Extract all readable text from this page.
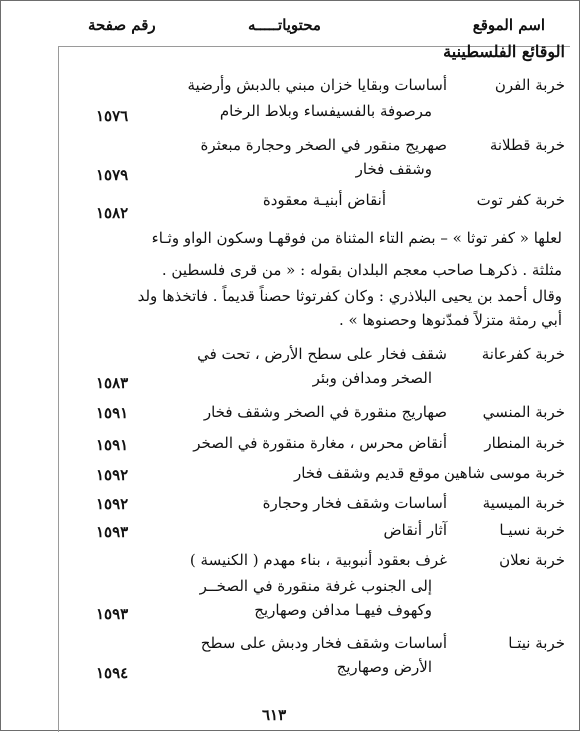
اسم الموقع
محتوياتـــــه
رقم صفحة
الوقائع الفلسطينية
خربة الفرن
أساسات وبقايا خزان مبني بالدبش وأرضية
مرصوفة بالفسيفساء وبلاط الرخام
١٥٧٦
خربة قطلانة
صهريج منقور في الصخر وحجارة مبعثرة
وشقف فخار
١٥٧٩
خربة كفر توت
أنقاض أبنيـة معقودة
١٥٨٢
لعلها « كفر توثا » – بضم التاء المثناة من فوقهـا وسكون الواو وثـاء
مثلثة . ذكرهـا صاحب معجم البلدان بقوله : « من قرى فلسطين .
وقال أحمد بن يحيى البلاذري : وكان كفرتوثا حصناً قديماً . فاتخذها ولد
أبي رمثة متزلاً فمدّنوها وحصنوها » .
خربة كفرعانة
شقف فخار على سطح الأرض ، تحت في
الصخر ومدافن وبئر
١٥٨٣
خربة المنسي
صهاريج منقورة في الصخر وشقف فخار
١٥٩١
خربة المنطار
أنقاض محرس ، مغارة منقورة في الصخر
١٥٩١
خربة موسى شاهين
موقع قديم وشقف فخار
١٥٩٢
خربة الميسية
أساسات وشقف فخار وحجارة
١٥٩٢
خربة نسيـا
آثار أنقاض
١٥٩٣
خربة نعلان
غرف بعقود أنبوبية ، بناء مهدم ( الكنيسة )
إلى الجنوب غرفة منقورة في الصخــر
وكهوف فيهـا مدافن وصهاريج
١٥٩٣
خربة نيتـا
أساسات وشقف فخار ودبش على سطح
الأرض وصهاريج
١٥٩٤
٦١٣
